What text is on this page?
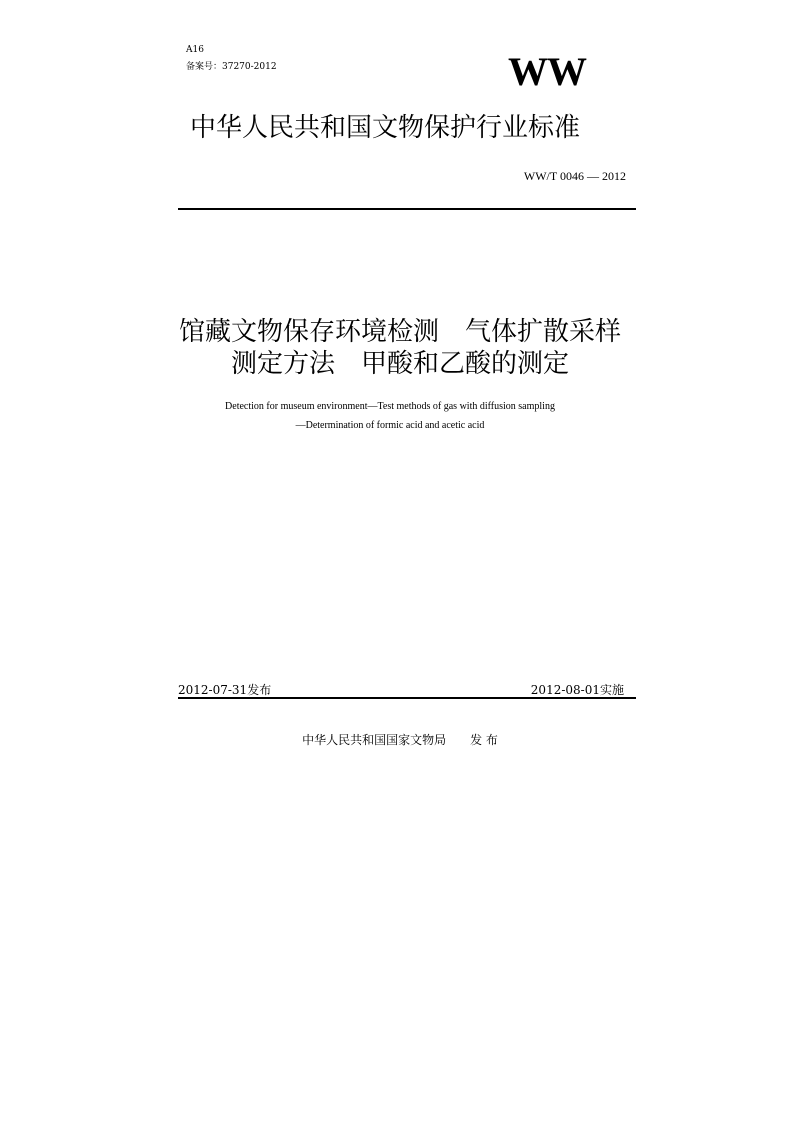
A16
备案号：37270-2012	WW
中华人民共和国文物保护行业标准
WW/T 0046 — 2012
馆藏文物保存环境检测　气体扩散采样
测定方法　甲酸和乙酸的测定
Detection for museum environment—Test methods of gas with diffusion sampling
—Determination of formic acid and acetic acid
2012-07-31发布	2012-08-01实施
中华人民共和国国家文物局　　发 布
